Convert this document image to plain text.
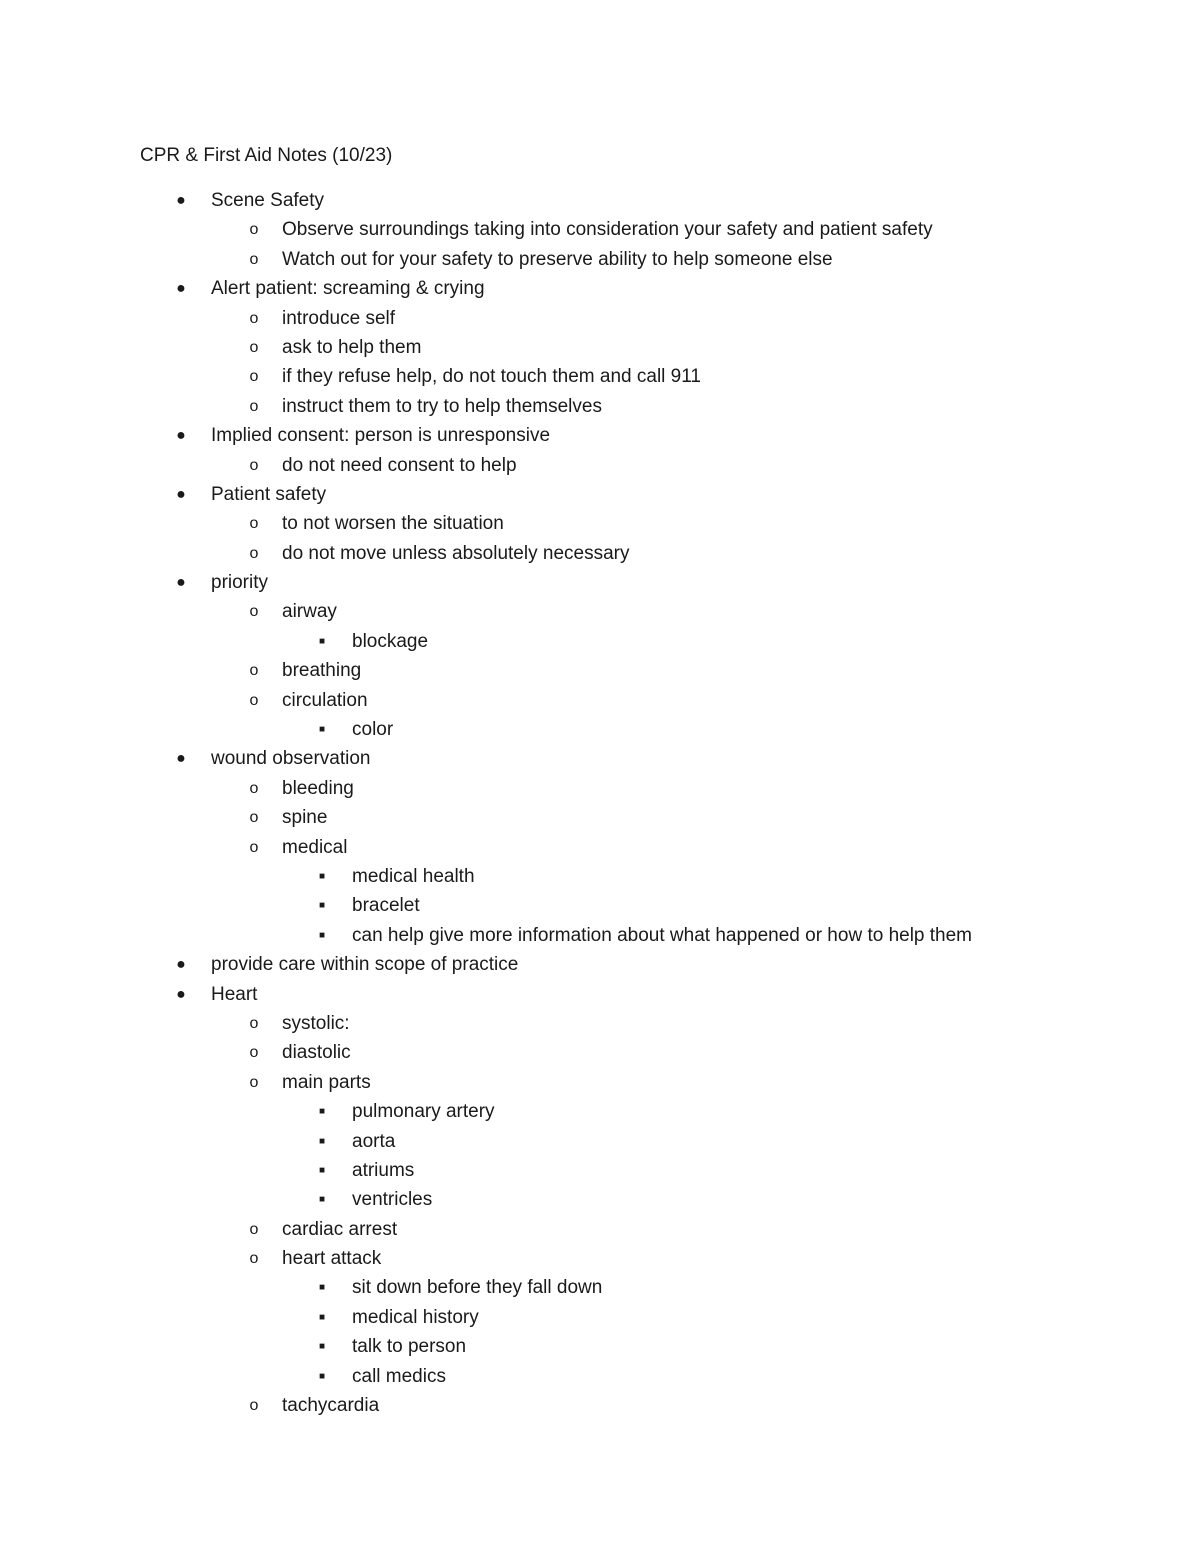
CPR & First Aid Notes (10/23)
● Scene Safety
o Observe surroundings taking into consideration your safety and patient safety
o Watch out for your safety to preserve ability to help someone else
● Alert patient: screaming & crying
o introduce self
o ask to help them
o if they refuse help, do not touch them and call 911
o instruct them to try to help themselves
● Implied consent: person is unresponsive
o do not need consent to help
● Patient safety
o to not worsen the situation
o do not move unless absolutely necessary
● priority
o airway
■	blockage
o breathing
o circulation
■	color
● wound observation
o bleeding
o spine
o medical
■	medical health
■	bracelet
■	can help give more information about what happened or how to help them
● provide care within scope of practice
● Heart
o systolic:
o diastolic
o main parts
■	pulmonary artery
■	aorta
■	atriums
■	ventricles
o cardiac arrest
o heart attack
■	sit down before they fall down
■	medical history
■	talk to person
■	call medics
o tachycardia
